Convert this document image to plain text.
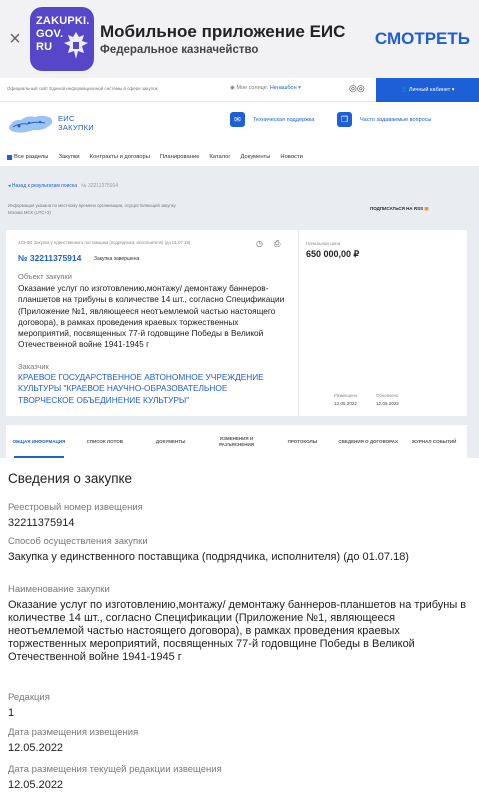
×
ZAKUPKI.
GOV.
RU
Мобильное приложение ЕИС
Федеральное казначейство
СМОТРЕТЬ
Официальный сайт Единой информационной системы в сфере закупок	◉ Мое солнце: Ненашбон ▾	◎◎	👤 Личный кабинет ▾
ЕИС
ЗАКУПКИ
✉	Техническая поддержка	❐	Часто задаваемые вопросы
Все разделы Закупки Контракты и договоры Планирование Каталог Документы Новости
◂ Назад к результатам поиска № 32211375914
Информация указана по местному времени организации, осуществляющей закупку
Москва МСК (UTC+3)
ПОДПИСАТЬСЯ НА RSS ▣
223-ФЗ Закупка у единственного поставщика (подрядчика, исполнителя) (до 01.07.18)
№ 32211375914	Закупка завершена
◷ ⎙
Объект закупки
Оказание услуг по изготовлению,монтажу/ демонтажу баннеров-планшетов на трибуны в количестве 14 шт., согласно Спецификации (Приложение №1, являющееся неотъемлемой частью настоящего договора), в рамках проведения краевых торжественных мероприятий, посвященных 77-й годовщине Победы в Великой Отечественной войне 1941-1945 г
Заказчик
КРАЕВОЕ ГОСУДАРСТВЕННОЕ АВТОНОМНОЕ УЧРЕЖДЕНИЕ КУЛЬТУРЫ "КРАЕВОЕ НАУЧНО-ОБРАЗОВАТЕЛЬНОЕ ТВОРЧЕСКОЕ ОБЪЕДИНЕНИЕ КУЛЬТУРЫ"
Начальная цена
650 000,00 ₽
Размещено
12.05.2022
Обновлено
12.05.2022
ОБЩАЯ ИНФОРМАЦИЯ	СПИСОК ЛОТОВ	ДОКУМЕНТЫ
ИЗМЕНЕНИЯ И РАЗЪЯСНЕНИЯ
ПРОТОКОЛЫ	СВЕДЕНИЯ О ДОГОВОРАХ	ЖУРНАЛ СОБЫТИЙ
Сведения о закупке
Реестровый номер извещения
32211375914
Способ осуществления закупки
Закупка у единственного поставщика (подрядчика, исполнителя) (до 01.07.18)
Наименование закупки
Оказание услуг по изготовлению,монтажу/ демонтажу баннеров-планшетов на трибуны в количестве 14 шт., согласно Спецификации (Приложение №1, являющееся неотъемлемой частью настоящего договора), в рамках проведения краевых торжественных мероприятий, посвященных 77-й годовщине Победы в Великой Отечественной войне 1941-1945 г
Редакция
1
Дата размещения извещения
12.05.2022
Дата размещения текущей редакции извещения
12.05.2022
